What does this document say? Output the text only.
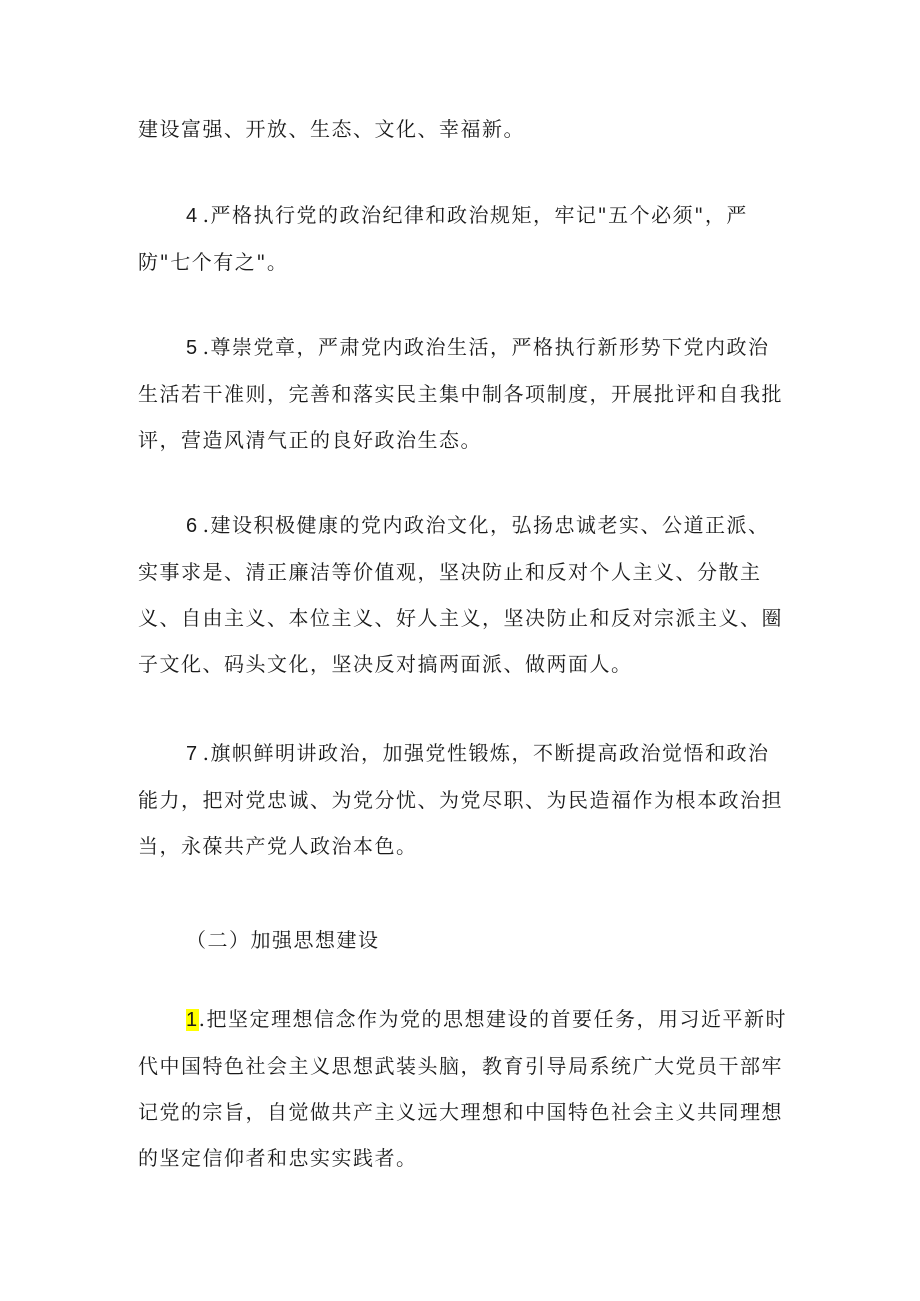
建设富强、开放、生态、文化、幸福新。

4 .严格执行党的政治纪律和政治规矩，牢记"五个必须"，严防"七个有之"。

5 .尊崇党章，严肃党内政治生活，严格执行新形势下党内政治生活若干准则，完善和落实民主集中制各项制度，开展批评和自我批评，营造风清气正的良好政治生态。

6 .建设积极健康的党内政治文化，弘扬忠诚老实、公道正派、实事求是、清正廉洁等价值观，坚决防止和反对个人主义、分散主义、自由主义、本位主义、好人主义，坚决防止和反对宗派主义、圈子文化、码头文化，坚决反对搞两面派、做两面人。

7 .旗帜鲜明讲政治，加强党性锻炼，不断提高政治觉悟和政治能力，把对党忠诚、为党分忧、为党尽职、为民造福作为根本政治担当，永葆共产党人政治本色。

（二）加强思想建设

1.把坚定理想信念作为党的思想建设的首要任务，用习近平新时代中国特色社会主义思想武装头脑，教育引导局系统广大党员干部牢记党的宗旨，自觉做共产主义远大理想和中国特色社会主义共同理想的坚定信仰者和忠实实践者。
